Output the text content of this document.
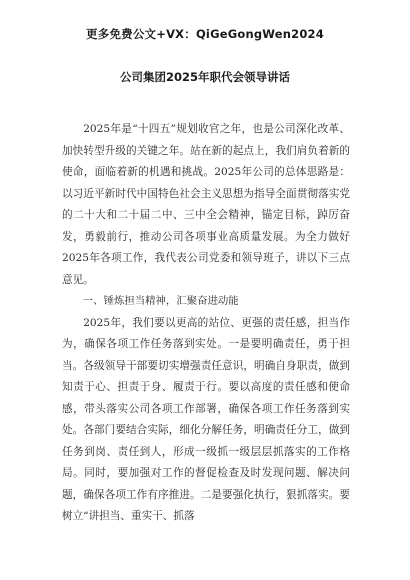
更多免费公文+VX：QiGeGongWen2024
公司集团2025年职代会领导讲话

2025年是“十四五”规划收官之年，也是公司深化改革、加快转型升级的关键之年。站在新的起点上，我们肩负着新的使命，面临着新的机遇和挑战。2025年公司的总体思路是：以习近平新时代中国特色社会主义思想为指导全面贯彻落实党的二十大和二十届二中、三中全会精神，锚定目标，踔厉奋发，勇毅前行，推动公司各项事业高质量发展。为全力做好2025年各项工作，我代表公司党委和领导班子，讲以下三点意见。

一、锤炼担当精神，汇聚奋进动能

2025年，我们要以更高的站位、更强的责任感，担当作为，确保各项工作任务落到实处。一是要明确责任，勇于担当。各级领导干部要切实增强责任意识，明确自身职责，做到知责于心、担责于身、履责于行。要以高度的责任感和使命感，带头落实公司各项工作部署，确保各项工作任务落到实处。各部门要结合实际，细化分解任务，明确责任分工，做到任务到岗、责任到人，形成一级抓一级层层抓落实的工作格局。同时，要加强对工作的督促检查及时发现问题、解决问题，确保各项工作有序推进。二是要强化执行，狠抓落实。要树立“讲担当、重实干、抓落
